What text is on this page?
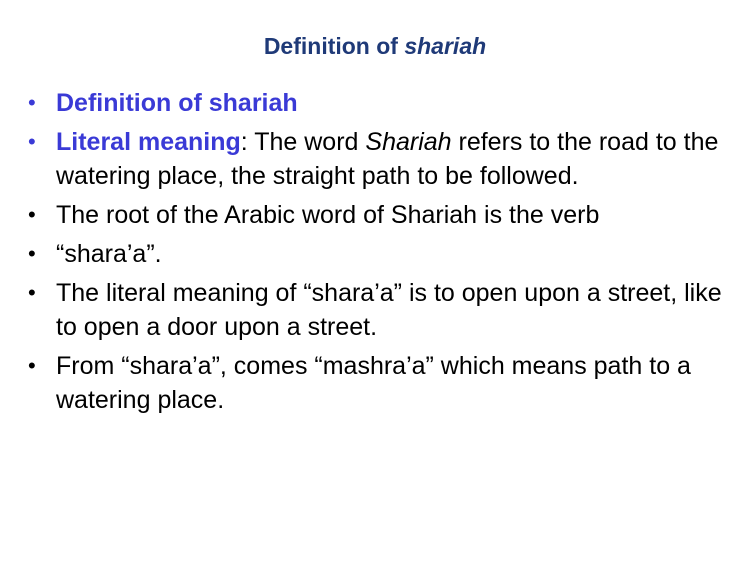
Definition of shariah
• Definition of shariah
• Literal meaning: The word Shariah refers to the road to the watering place, the straight path to be followed.
• The root of the Arabic word of Shariah is the verb
• “shara’a”.
• The literal meaning of “shara’a” is to open upon a street, like to open a door upon a street.
• From “shara’a”, comes “mashra’a” which means path to a watering place.
